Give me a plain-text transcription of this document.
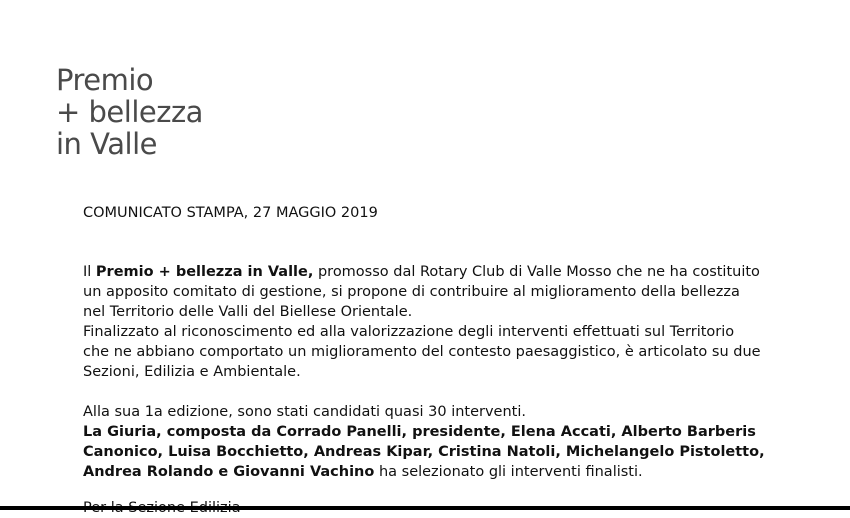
Premio
+ bellezza
in Valle
COMUNICATO STAMPA, 27 MAGGIO 2019

Il Premio + bellezza in Valle, promosso dal Rotary Club di Valle Mosso che ne ha costituito

un apposito comitato di gestione, si propone di contribuire al miglioramento della bellezza

nel Territorio delle Valli del Biellese Orientale.

Finalizzato al riconoscimento ed alla valorizzazione degli interventi effettuati sul Territorio

che ne abbiano comportato un miglioramento del contesto paesaggistico, è articolato su due

Sezioni, Edilizia e Ambientale.

Alla sua 1a edizione, sono stati candidati quasi 30 interventi.

La Giuria, composta da Corrado Panelli, presidente, Elena Accati, Alberto Barberis

Canonico, Luisa Bocchietto, Andreas Kipar, Cristina Natoli, Michelangelo Pistoletto,

Andrea Rolando e Giovanni Vachino ha selezionato gli interventi finalisti.
